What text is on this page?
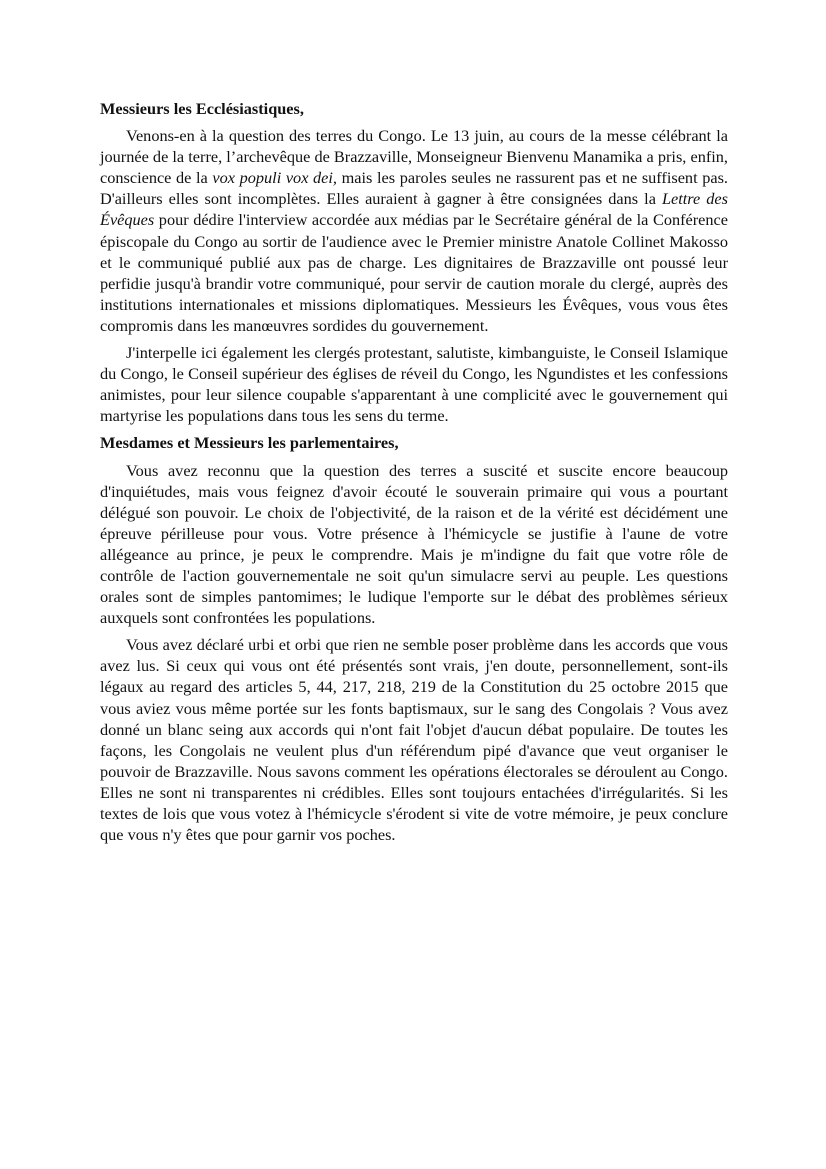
Messieurs les Ecclésiastiques,
Venons-en à la question des terres du Congo. Le 13 juin, au cours de la messe célébrant la journée de la terre, l’archevêque de Brazzaville, Monseigneur Bienvenu Manamika a pris, enfin, conscience de la vox populi vox dei, mais les paroles seules ne rassurent pas et ne suffisent pas. D'ailleurs elles sont incomplètes. Elles auraient à gagner à être consignées dans la Lettre des Évêques pour dédire l'interview accordée aux médias par le Secrétaire général de la Conférence épiscopale du Congo au sortir de l'audience avec le Premier ministre Anatole Collinet Makosso et le communiqué publié aux pas de charge. Les dignitaires de Brazzaville ont poussé leur perfidie jusqu'à brandir votre communiqué, pour servir de caution morale du clergé, auprès des institutions internationales et missions diplomatiques. Messieurs les Évêques, vous vous êtes compromis dans les manœuvres sordides du gouvernement.
J'interpelle ici également les clergés protestant, salutiste, kimbanguiste, le Conseil Islamique du Congo, le Conseil supérieur des églises de réveil du Congo, les Ngundistes et les confessions animistes, pour leur silence coupable s'apparentant à une complicité avec le gouvernement qui martyrise les populations dans tous les sens du terme.
Mesdames et Messieurs les parlementaires,
Vous avez reconnu que la question des terres a suscité et suscite encore beaucoup d'inquiétudes, mais vous feignez d'avoir écouté le souverain primaire qui vous a pourtant délégué son pouvoir. Le choix de l'objectivité, de la raison et de la vérité est décidément une épreuve périlleuse pour vous. Votre présence à l'hémicycle se justifie à l'aune de votre allégeance au prince, je peux le comprendre. Mais je m'indigne du fait que votre rôle de contrôle de l'action gouvernementale ne soit qu'un simulacre servi au peuple. Les questions orales sont de simples pantomimes; le ludique l'emporte sur le débat des problèmes sérieux auxquels sont confrontées les populations.
Vous avez déclaré urbi et orbi que rien ne semble poser problème dans les accords que vous avez lus. Si ceux qui vous ont été présentés sont vrais, j'en doute, personnellement, sont-ils légaux au regard des articles 5, 44, 217, 218, 219 de la Constitution du 25 octobre 2015 que vous aviez vous même portée sur les fonts baptismaux, sur le sang des Congolais ? Vous avez donné un blanc seing aux accords qui n'ont fait l'objet d'aucun débat populaire. De toutes les façons, les Congolais ne veulent plus d'un référendum pipé d'avance que veut organiser le pouvoir de Brazzaville. Nous savons comment les opérations électorales se déroulent au Congo. Elles ne sont ni transparentes ni crédibles. Elles sont toujours entachées d'irrégularités. Si les textes de lois que vous votez à l'hémicycle s'érodent si vite de votre mémoire, je peux conclure que vous n'y êtes que pour garnir vos poches.
